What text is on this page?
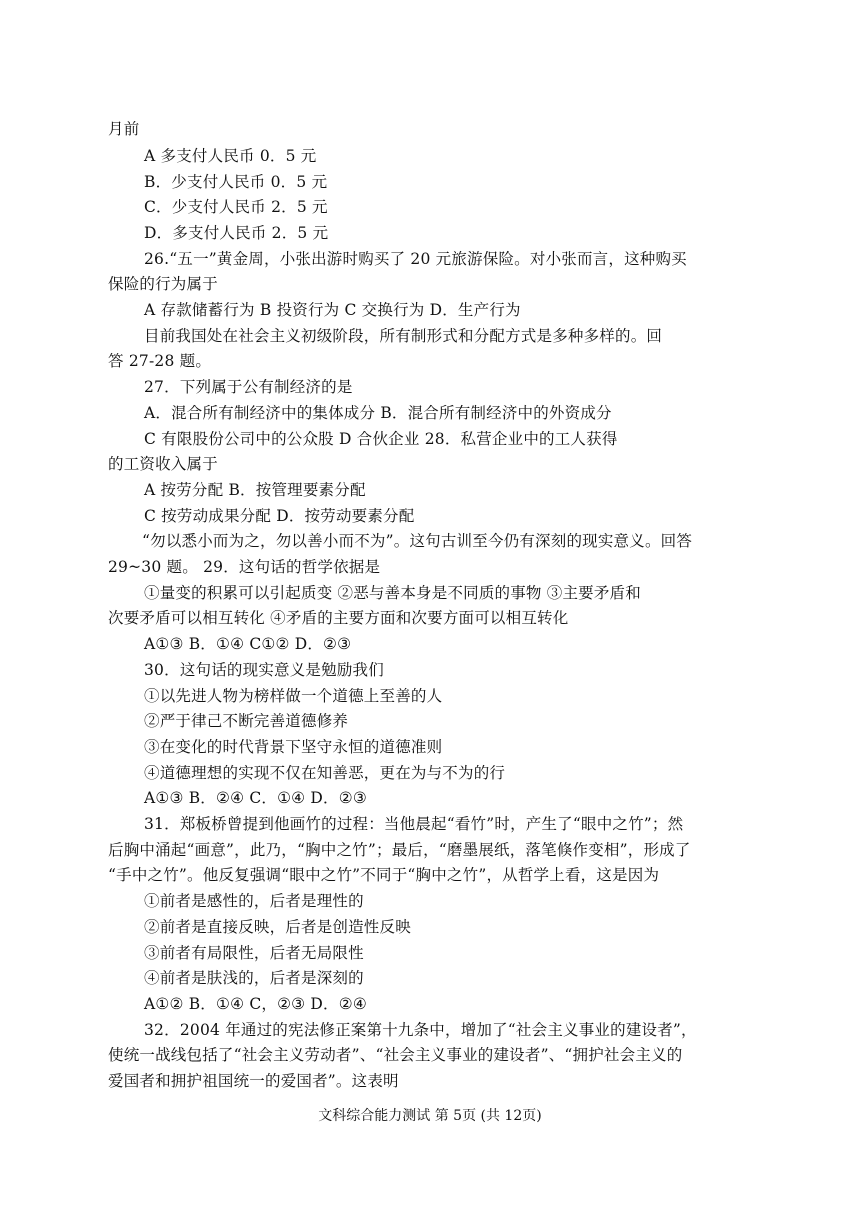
月前
A 多支付人民币 0．5 元
B．少支付人民币 0．5 元
C．少支付人民币 2．5 元
D．多支付人民币 2．5 元
26.“五一”黄金周，小张出游时购买了 20 元旅游保险。对小张而言，这种购买
保险的行为属于
A 存款储蓄行为 B 投资行为 C 交换行为 D．生产行为
目前我国处在社会主义初级阶段，所有制形式和分配方式是多种多样的。回
答 27-28 题。
27．下列属于公有制经济的是
A．混合所有制经济中的集体成分 B．混合所有制经济中的外资成分
C 有限股份公司中的公众股 D 合伙企业 28．私营企业中的工人获得
的工资收入属于
A 按劳分配 B．按管理要素分配
C 按劳动成果分配 D．按劳动要素分配
“勿以悉小而为之，勿以善小而不为”。这句古训至今仍有深刻的现实意义。回答
29~30 题。 29．这句话的哲学依据是
①量变的积累可以引起质变 ②恶与善本身是不同质的事物 ③主要矛盾和
次要矛盾可以相互转化 ④矛盾的主要方面和次要方面可以相互转化
A①③ B．①④ C①② D．②③
30．这句话的现实意义是勉励我们
①以先进人物为榜样做一个道德上至善的人
②严于律己不断完善道德修养
③在变化的时代背景下坚守永恒的道德准则
④道德理想的实现不仅在知善恶，更在为与不为的行
A①③ B．②④ C．①④ D．②③
31．郑板桥曾提到他画竹的过程：当他晨起“看竹”时，产生了“眼中之竹”；然
后胸中涌起“画意”，此乃，“胸中之竹”；最后，“磨墨展纸，落笔倏作变相”，形成了
“手中之竹”。他反复强调“眼中之竹”不同于“胸中之竹”，从哲学上看，这是因为
①前者是感性的，后者是理性的
②前者是直接反映，后者是创造性反映
③前者有局限性，后者无局限性
④前者是肤浅的，后者是深刻的
A①② B．①④ C，②③ D．②④
32．2004 年通过的宪法修正案第十九条中，增加了“社会主义事业的建设者”，
使统一战线包括了“社会主义劳动者”、“社会主义事业的建设者”、“拥护社会主义的
爱国者和拥护祖国统一的爱国者”。这表明
文科综合能力测试 第 5页 (共 12页)
